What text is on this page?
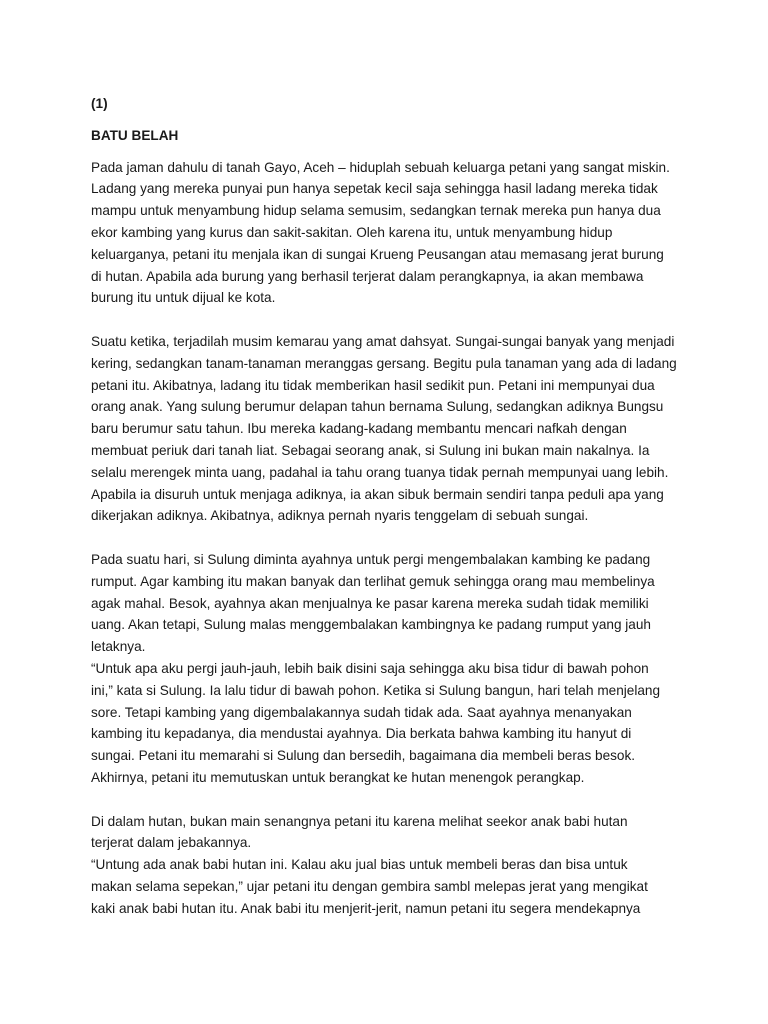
(1)
BATU BELAH
Pada jaman dahulu di tanah Gayo, Aceh – hiduplah sebuah keluarga petani yang sangat miskin.
Ladang yang mereka punyai pun hanya sepetak kecil saja sehingga hasil ladang mereka tidak
mampu untuk menyambung hidup selama semusim, sedangkan ternak mereka pun hanya dua
ekor kambing yang kurus dan sakit-sakitan. Oleh karena itu, untuk menyambung hidup
keluarganya, petani itu menjala ikan di sungai Krueng Peusangan atau memasang jerat burung
di hutan. Apabila ada burung yang berhasil terjerat dalam perangkapnya, ia akan membawa
burung itu untuk dijual ke kota.
Suatu ketika, terjadilah musim kemarau yang amat dahsyat. Sungai-sungai banyak yang menjadi
kering, sedangkan tanam-tanaman meranggas gersang. Begitu pula tanaman yang ada di ladang
petani itu. Akibatnya, ladang itu tidak memberikan hasil sedikit pun. Petani ini mempunyai dua
orang anak. Yang sulung berumur delapan tahun bernama Sulung, sedangkan adiknya Bungsu
baru berumur satu tahun. Ibu mereka kadang-kadang membantu mencari nafkah dengan
membuat periuk dari tanah liat. Sebagai seorang anak, si Sulung ini bukan main nakalnya. Ia
selalu merengek minta uang, padahal ia tahu orang tuanya tidak pernah mempunyai uang lebih.
Apabila ia disuruh untuk menjaga adiknya, ia akan sibuk bermain sendiri tanpa peduli apa yang
dikerjakan adiknya. Akibatnya, adiknya pernah nyaris tenggelam di sebuah sungai.
Pada suatu hari, si Sulung diminta ayahnya untuk pergi mengembalakan kambing ke padang
rumput. Agar kambing itu makan banyak dan terlihat gemuk sehingga orang mau membelinya
agak mahal. Besok, ayahnya akan menjualnya ke pasar karena mereka sudah tidak memiliki
uang. Akan tetapi, Sulung malas menggembalakan kambingnya ke padang rumput yang jauh
letaknya.
“Untuk apa aku pergi jauh-jauh, lebih baik disini saja sehingga aku bisa tidur di bawah pohon
ini,” kata si Sulung. Ia lalu tidur di bawah pohon. Ketika si Sulung bangun, hari telah menjelang
sore. Tetapi kambing yang digembalakannya sudah tidak ada. Saat ayahnya menanyakan
kambing itu kepadanya, dia mendustai ayahnya. Dia berkata bahwa kambing itu hanyut di
sungai. Petani itu memarahi si Sulung dan bersedih, bagaimana dia membeli beras besok.
Akhirnya, petani itu memutuskan untuk berangkat ke hutan menengok perangkap.
Di dalam hutan, bukan main senangnya petani itu karena melihat seekor anak babi hutan
terjerat dalam jebakannya.
“Untung ada anak babi hutan ini. Kalau aku jual bias untuk membeli beras dan bisa untuk
makan selama sepekan,” ujar petani itu dengan gembira sambl melepas jerat yang mengikat
kaki anak babi hutan itu. Anak babi itu menjerit-jerit, namun petani itu segera mendekapnya
